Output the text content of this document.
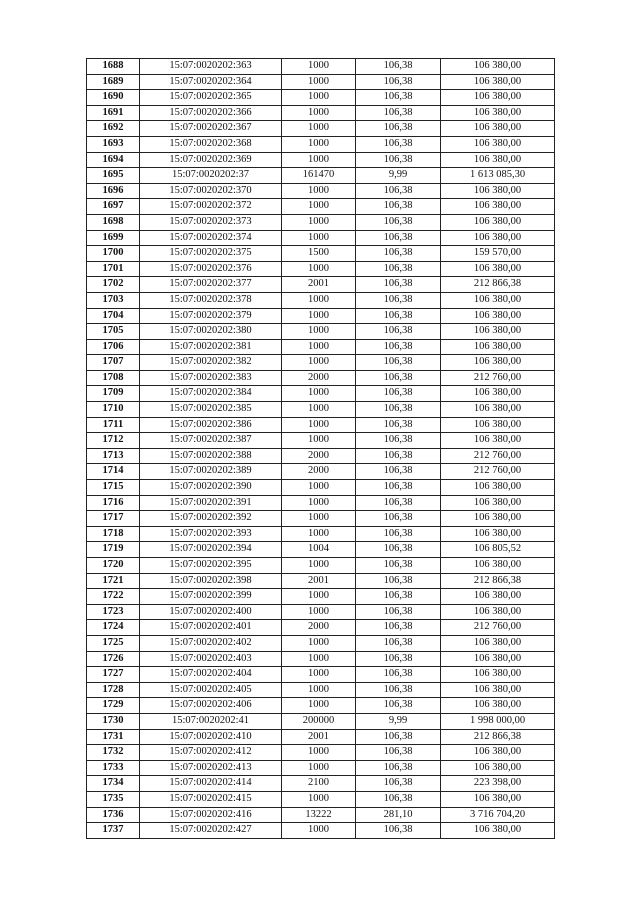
1688	15:07:0020202:363	1000	106,38	106 380,00
1689	15:07:0020202:364	1000	106,38	106 380,00
1690	15:07:0020202:365	1000	106,38	106 380,00
1691	15:07:0020202:366	1000	106,38	106 380,00
1692	15:07:0020202:367	1000	106,38	106 380,00
1693	15:07:0020202:368	1000	106,38	106 380,00
1694	15:07:0020202:369	1000	106,38	106 380,00
1695	15:07:0020202:37	161470	9,99	1 613 085,30
1696	15:07:0020202:370	1000	106,38	106 380,00
1697	15:07:0020202:372	1000	106,38	106 380,00
1698	15:07:0020202:373	1000	106,38	106 380,00
1699	15:07:0020202:374	1000	106,38	106 380,00
1700	15:07:0020202:375	1500	106,38	159 570,00
1701	15:07:0020202:376	1000	106,38	106 380,00
1702	15:07:0020202:377	2001	106,38	212 866,38
1703	15:07:0020202:378	1000	106,38	106 380,00
1704	15:07:0020202:379	1000	106,38	106 380,00
1705	15:07:0020202:380	1000	106,38	106 380,00
1706	15:07:0020202:381	1000	106,38	106 380,00
1707	15:07:0020202:382	1000	106,38	106 380,00
1708	15:07:0020202:383	2000	106,38	212 760,00
1709	15:07:0020202:384	1000	106,38	106 380,00
1710	15:07:0020202:385	1000	106,38	106 380,00
1711	15:07:0020202:386	1000	106,38	106 380,00
1712	15:07:0020202:387	1000	106,38	106 380,00
1713	15:07:0020202:388	2000	106,38	212 760,00
1714	15:07:0020202:389	2000	106,38	212 760,00
1715	15:07:0020202:390	1000	106,38	106 380,00
1716	15:07:0020202:391	1000	106,38	106 380,00
1717	15:07:0020202:392	1000	106,38	106 380,00
1718	15:07:0020202:393	1000	106,38	106 380,00
1719	15:07:0020202:394	1004	106,38	106 805,52
1720	15:07:0020202:395	1000	106,38	106 380,00
1721	15:07:0020202:398	2001	106,38	212 866,38
1722	15:07:0020202:399	1000	106,38	106 380,00
1723	15:07:0020202:400	1000	106,38	106 380,00
1724	15:07:0020202:401	2000	106,38	212 760,00
1725	15:07:0020202:402	1000	106,38	106 380,00
1726	15:07:0020202:403	1000	106,38	106 380,00
1727	15:07:0020202:404	1000	106,38	106 380,00
1728	15:07:0020202:405	1000	106,38	106 380,00
1729	15:07:0020202:406	1000	106,38	106 380,00
1730	15:07:0020202:41	200000	9,99	1 998 000,00
1731	15:07:0020202:410	2001	106,38	212 866,38
1732	15:07:0020202:412	1000	106,38	106 380,00
1733	15:07:0020202:413	1000	106,38	106 380,00
1734	15:07:0020202:414	2100	106,38	223 398,00
1735	15:07:0020202:415	1000	106,38	106 380,00
1736	15:07:0020202:416	13222	281,10	3 716 704,20
1737	15:07:0020202:427	1000	106,38	106 380,00
